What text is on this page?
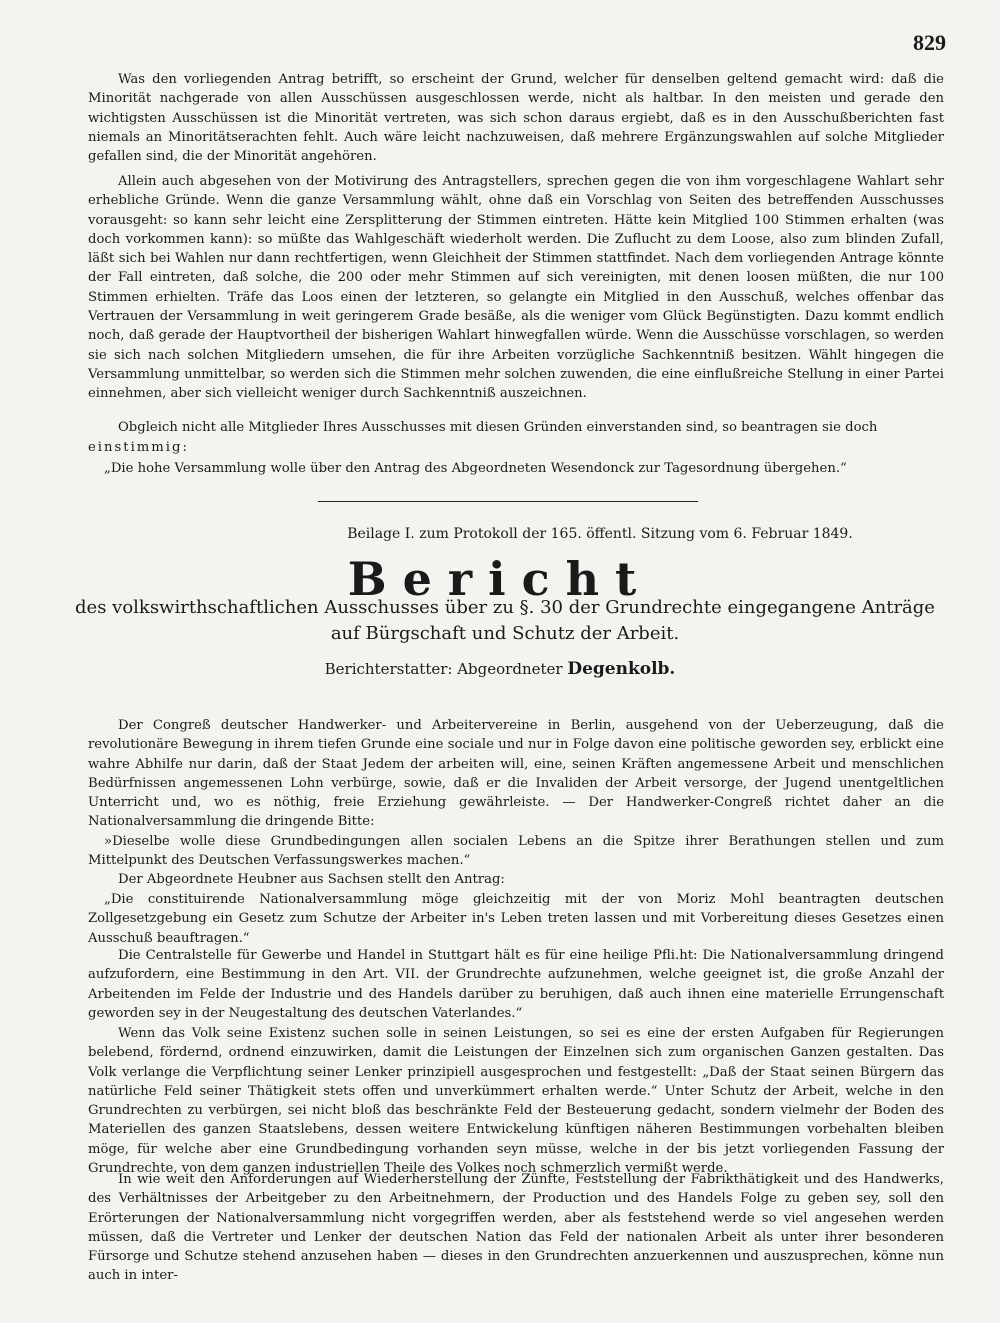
829
Was den vorliegenden Antrag betrifft, so erscheint der Grund, welcher für denselben geltend gemacht wird: daß die Minorität nachgerade von allen Ausschüssen ausgeschlossen werde, nicht als haltbar. In den meisten und gerade den wichtigsten Ausschüssen ist die Minorität vertreten, was sich schon daraus ergiebt, daß es in den Ausschußberichten fast niemals an Minoritätserachten fehlt. Auch wäre leicht nachzuweisen, daß mehrere Ergänzungswahlen auf solche Mitglieder gefallen sind, die der Minorität angehören.
Allein auch abgesehen von der Motivirung des Antragstellers, sprechen gegen die von ihm vorgeschlagene Wahlart sehr erhebliche Gründe. Wenn die ganze Versammlung wählt, ohne daß ein Vorschlag von Seiten des betreffenden Ausschusses vorausgeht: so kann sehr leicht eine Zersplitterung der Stimmen eintreten. Hätte kein Mitglied 100 Stimmen erhalten (was doch vorkommen kann): so müßte das Wahlgeschäft wiederholt werden. Die Zuflucht zu dem Loose, also zum blinden Zufall, läßt sich bei Wahlen nur dann rechtfertigen, wenn Gleichheit der Stimmen stattfindet. Nach dem vorliegenden Antrage könnte der Fall eintreten, daß solche, die 200 oder mehr Stimmen auf sich vereinigten, mit denen loosen müßten, die nur 100 Stimmen erhielten. Träfe das Loos einen der letzteren, so gelangte ein Mitglied in den Ausschuß, welches offenbar das Vertrauen der Versammlung in weit geringerem Grade besäße, als die weniger vom Glück Begünstigten. Dazu kommt endlich noch, daß gerade der Hauptvortheil der bisherigen Wahlart hinwegfallen würde. Wenn die Ausschüsse vorschlagen, so werden sie sich nach solchen Mitgliedern umsehen, die für ihre Arbeiten vorzügliche Sachkenntniß besitzen. Wählt hingegen die Versammlung unmittelbar, so werden sich die Stimmen mehr solchen zuwenden, die eine einflußreiche Stellung in einer Partei einnehmen, aber sich vielleicht weniger durch Sachkenntniß auszeichnen.
Obgleich nicht alle Mitglieder Ihres Ausschusses mit diesen Gründen einverstanden sind, so beantragen sie doch
einstimmig:
„Die hohe Versammlung wolle über den Antrag des Abgeordneten Wesendonck zur Tagesordnung übergehen.“
Beilage I. zum Protokoll der 165. öffentl. Sitzung vom 6. Februar 1849.
Bericht
des volkswirthschaftlichen Ausschusses über zu §. 30 der Grundrechte eingegangene Anträge
auf Bürgschaft und Schutz der Arbeit.
Berichterstatter: Abgeordneter Degenkolb.
Der Congreß deutscher Handwerker- und Arbeitervereine in Berlin, ausgehend von der Ueberzeugung, daß die revolutionäre Bewegung in ihrem tiefen Grunde eine sociale und nur in Folge davon eine politische geworden sey, erblickt eine wahre Abhilfe nur darin, daß der Staat Jedem der arbeiten will, eine, seinen Kräften angemessene Arbeit und menschlichen Bedürfnissen angemessenen Lohn verbürge, sowie, daß er die Invaliden der Arbeit versorge, der Jugend unentgeltlichen Unterricht und, wo es nöthig, freie Erziehung gewährleiste. — Der Handwerker-Congreß richtet daher an die Nationalversammlung die dringende Bitte:
»Dieselbe wolle diese Grundbedingungen allen socialen Lebens an die Spitze ihrer Berathungen stellen und zum Mittelpunkt des Deutschen Verfassungswerkes machen.“
Der Abgeordnete Heubner aus Sachsen stellt den Antrag:
„Die constituirende Nationalversammlung möge gleichzeitig mit der von Moriz Mohl beantragten deutschen Zollgesetzgebung ein Gesetz zum Schutze der Arbeiter in's Leben treten lassen und mit Vorbereitung dieses Gesetzes einen Ausschuß beauftragen.“
Die Centralstelle für Gewerbe und Handel in Stuttgart hält es für eine heilige Pfli.ht: Die Nationalversammlung dringend aufzufordern, eine Bestimmung in den Art. VII. der Grundrechte aufzunehmen, welche geeignet ist, die große Anzahl der Arbeitenden im Felde der Industrie und des Handels darüber zu beruhigen, daß auch ihnen eine materielle Errungenschaft geworden sey in der Neugestaltung des deutschen Vaterlandes.“
Wenn das Volk seine Existenz suchen solle in seinen Leistungen, so sei es eine der ersten Aufgaben für Regierungen belebend, fördernd, ordnend einzuwirken, damit die Leistungen der Einzelnen sich zum organischen Ganzen gestalten. Das Volk verlange die Verpflichtung seiner Lenker prinzipiell ausgesprochen und festgestellt: „Daß der Staat seinen Bürgern das natürliche Feld seiner Thätigkeit stets offen und unverkümmert erhalten werde.“ Unter Schutz der Arbeit, welche in den Grundrechten zu verbürgen, sei nicht bloß das beschränkte Feld der Besteuerung gedacht, sondern vielmehr der Boden des Materiellen des ganzen Staatslebens, dessen weitere Entwickelung künftigen näheren Bestimmungen vorbehalten bleiben möge, für welche aber eine Grundbedingung vorhanden seyn müsse, welche in der bis jetzt vorliegenden Fassung der Grundrechte, von dem ganzen industriellen Theile des Volkes noch schmerzlich vermißt werde.
In wie weit den Anforderungen auf Wiederherstellung der Zünfte, Feststellung der Fabrikthätigkeit und des Handwerks, des Verhältnisses der Arbeitgeber zu den Arbeitnehmern, der Production und des Handels Folge zu geben sey, soll den Erörterungen der Nationalversammlung nicht vorgegriffen werden, aber als feststehend werde so viel angesehen werden müssen, daß die Vertreter und Lenker der deutschen Nation das Feld der nationalen Arbeit als unter ihrer besonderen Fürsorge und Schutze stehend anzusehen haben — dieses in den Grundrechten anzuerkennen und auszusprechen, könne nun auch in inter-
